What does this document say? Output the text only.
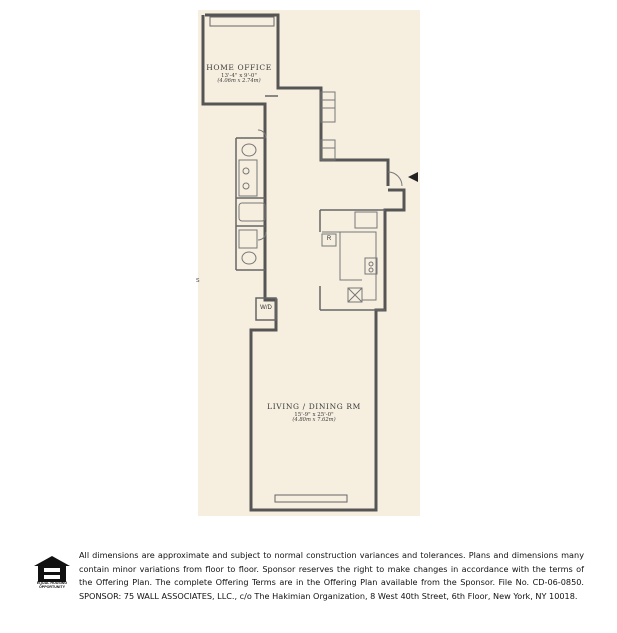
s
HOME OFFICE
13'-4" x 9'-0"
(4.06m x 2.74m)
LIVING / DINING RM
15'-9" x 25'-0"
(4.80m x 7.62m)
W/D
R
EQUAL HOUSING OPPORTUNITY
All dimensions are approximate and subject to normal construction variances and tolerances. Plans and dimensions many contain minor variations from floor to floor. Sponsor reserves the right to make changes in accordance with the terms of the Offering Plan. The complete Offering Terms are in the Offering Plan available from the Sponsor. File No. CD-06-0850. SPONSOR: 75 WALL ASSOCIATES, LLC., c/o The Hakimian Organization, 8 West 40th Street, 6th Floor, New York, NY 10018.
